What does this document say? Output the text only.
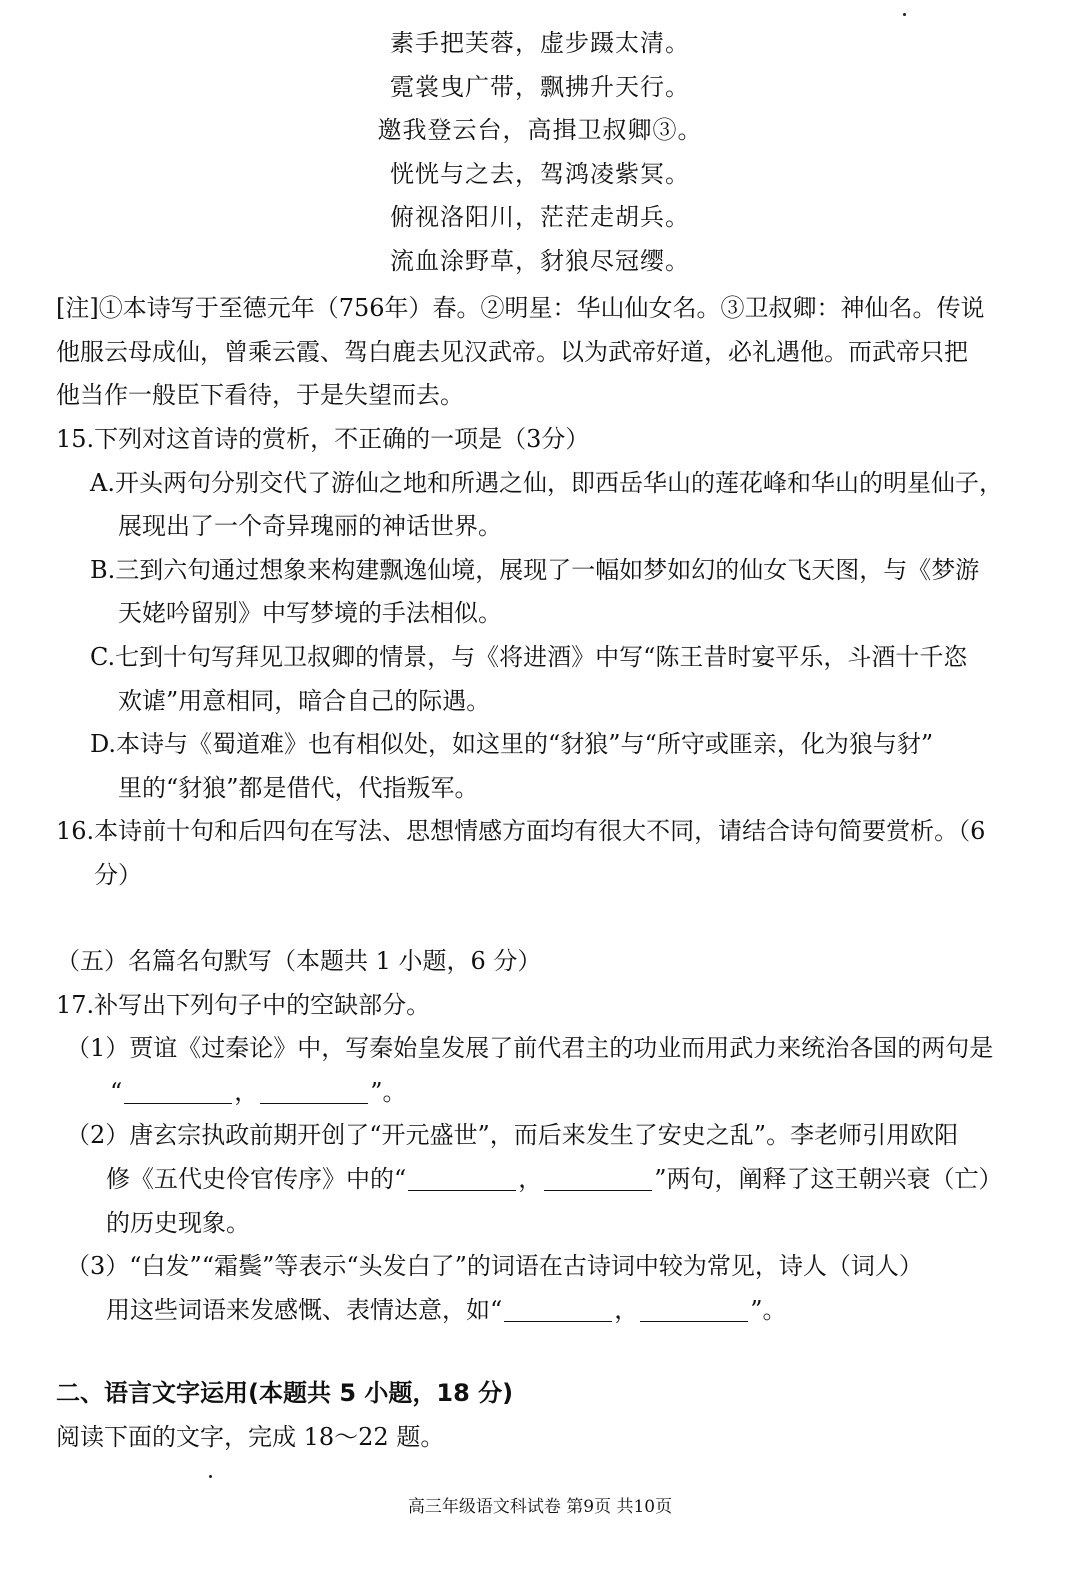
素手把芙蓉，虚步蹑太清。
霓裳曳广带，飘拂升天行。
邀我登云台，高揖卫叔卿③。
恍恍与之去，驾鸿凌紫冥。
俯视洛阳川，茫茫走胡兵。
流血涂野草，豺狼尽冠缨。
[注]①本诗写于至德元年（756年）春。②明星：华山仙女名。③卫叔卿：神仙名。传说
他服云母成仙，曾乘云霞、驾白鹿去见汉武帝。以为武帝好道，必礼遇他。而武帝只把
他当作一般臣下看待，于是失望而去。
15.下列对这首诗的赏析，不正确的一项是（3分）
A.开头两句分别交代了游仙之地和所遇之仙，即西岳华山的莲花峰和华山的明星仙子，
展现出了一个奇异瑰丽的神话世界。
B.三到六句通过想象来构建飘逸仙境，展现了一幅如梦如幻的仙女飞天图，与《梦游
天姥吟留别》中写梦境的手法相似。
C.七到十句写拜见卫叔卿的情景，与《将进酒》中写“陈王昔时宴平乐，斗酒十千恣
欢谑”用意相同，暗合自己的际遇。
D.本诗与《蜀道难》也有相似处，如这里的“豺狼”与“所守或匪亲，化为狼与豺”
里的“豺狼”都是借代，代指叛军。
16.本诗前十句和后四句在写法、思想情感方面均有很大不同，请结合诗句简要赏析。（6
分）
（五）名篇名句默写（本题共 1 小题，6 分）
17.补写出下列句子中的空缺部分。
（1）贾谊《过秦论》中，写秦始皇发展了前代君主的功业而用武力来统治各国的两句是
“	，	”。
（2）唐玄宗执政前期开创了“开元盛世”，而后来发生了安史之乱”。李老师引用欧阳
修《五代史伶官传序》中的“	，	”两句，阐释了这王朝兴衰（亡）
的历史现象。
（3）“白发”“霜鬓”等表示“头发白了”的词语在古诗词中较为常见，诗人（词人）
用这些词语来发感慨、表情达意，如“	，	”。
二、语言文字运用(本题共 5 小题，18 分)
阅读下面的文字，完成 18～22 题。
高三年级语文科试卷 第9页 共10页
